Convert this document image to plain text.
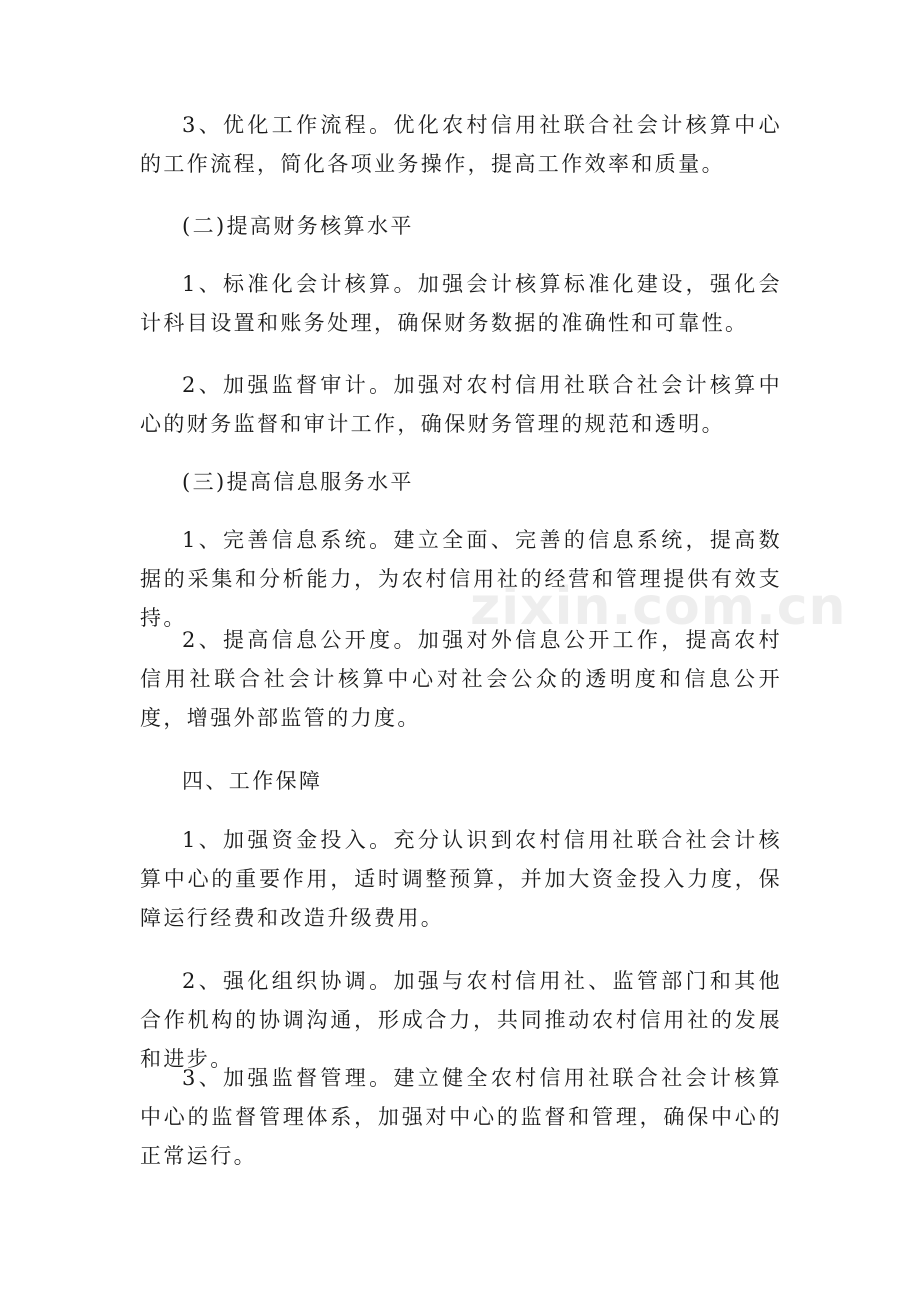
3、优化工作流程。优化农村信用社联合社会计核算中心的工作流程，简化各项业务操作，提高工作效率和质量。

(二)提高财务核算水平

1、标准化会计核算。加强会计核算标准化建设，强化会计科目设置和账务处理，确保财务数据的准确性和可靠性。

2、加强监督审计。加强对农村信用社联合社会计核算中心的财务监督和审计工作，确保财务管理的规范和透明。

(三)提高信息服务水平

1、完善信息系统。建立全面、完善的信息系统，提高数据的采集和分析能力，为农村信用社的经营和管理提供有效支持。

2、提高信息公开度。加强对外信息公开工作，提高农村信用社联合社会计核算中心对社会公众的透明度和信息公开度，增强外部监管的力度。

四、工作保障

1、加强资金投入。充分认识到农村信用社联合社会计核算中心的重要作用，适时调整预算，并加大资金投入力度，保障运行经费和改造升级费用。

2、强化组织协调。加强与农村信用社、监管部门和其他合作机构的协调沟通，形成合力，共同推动农村信用社的发展和进步。

3、加强监督管理。建立健全农村信用社联合社会计核算中心的监督管理体系，加强对中心的监督和管理，确保中心的正常运行。

zixin.com.cn
